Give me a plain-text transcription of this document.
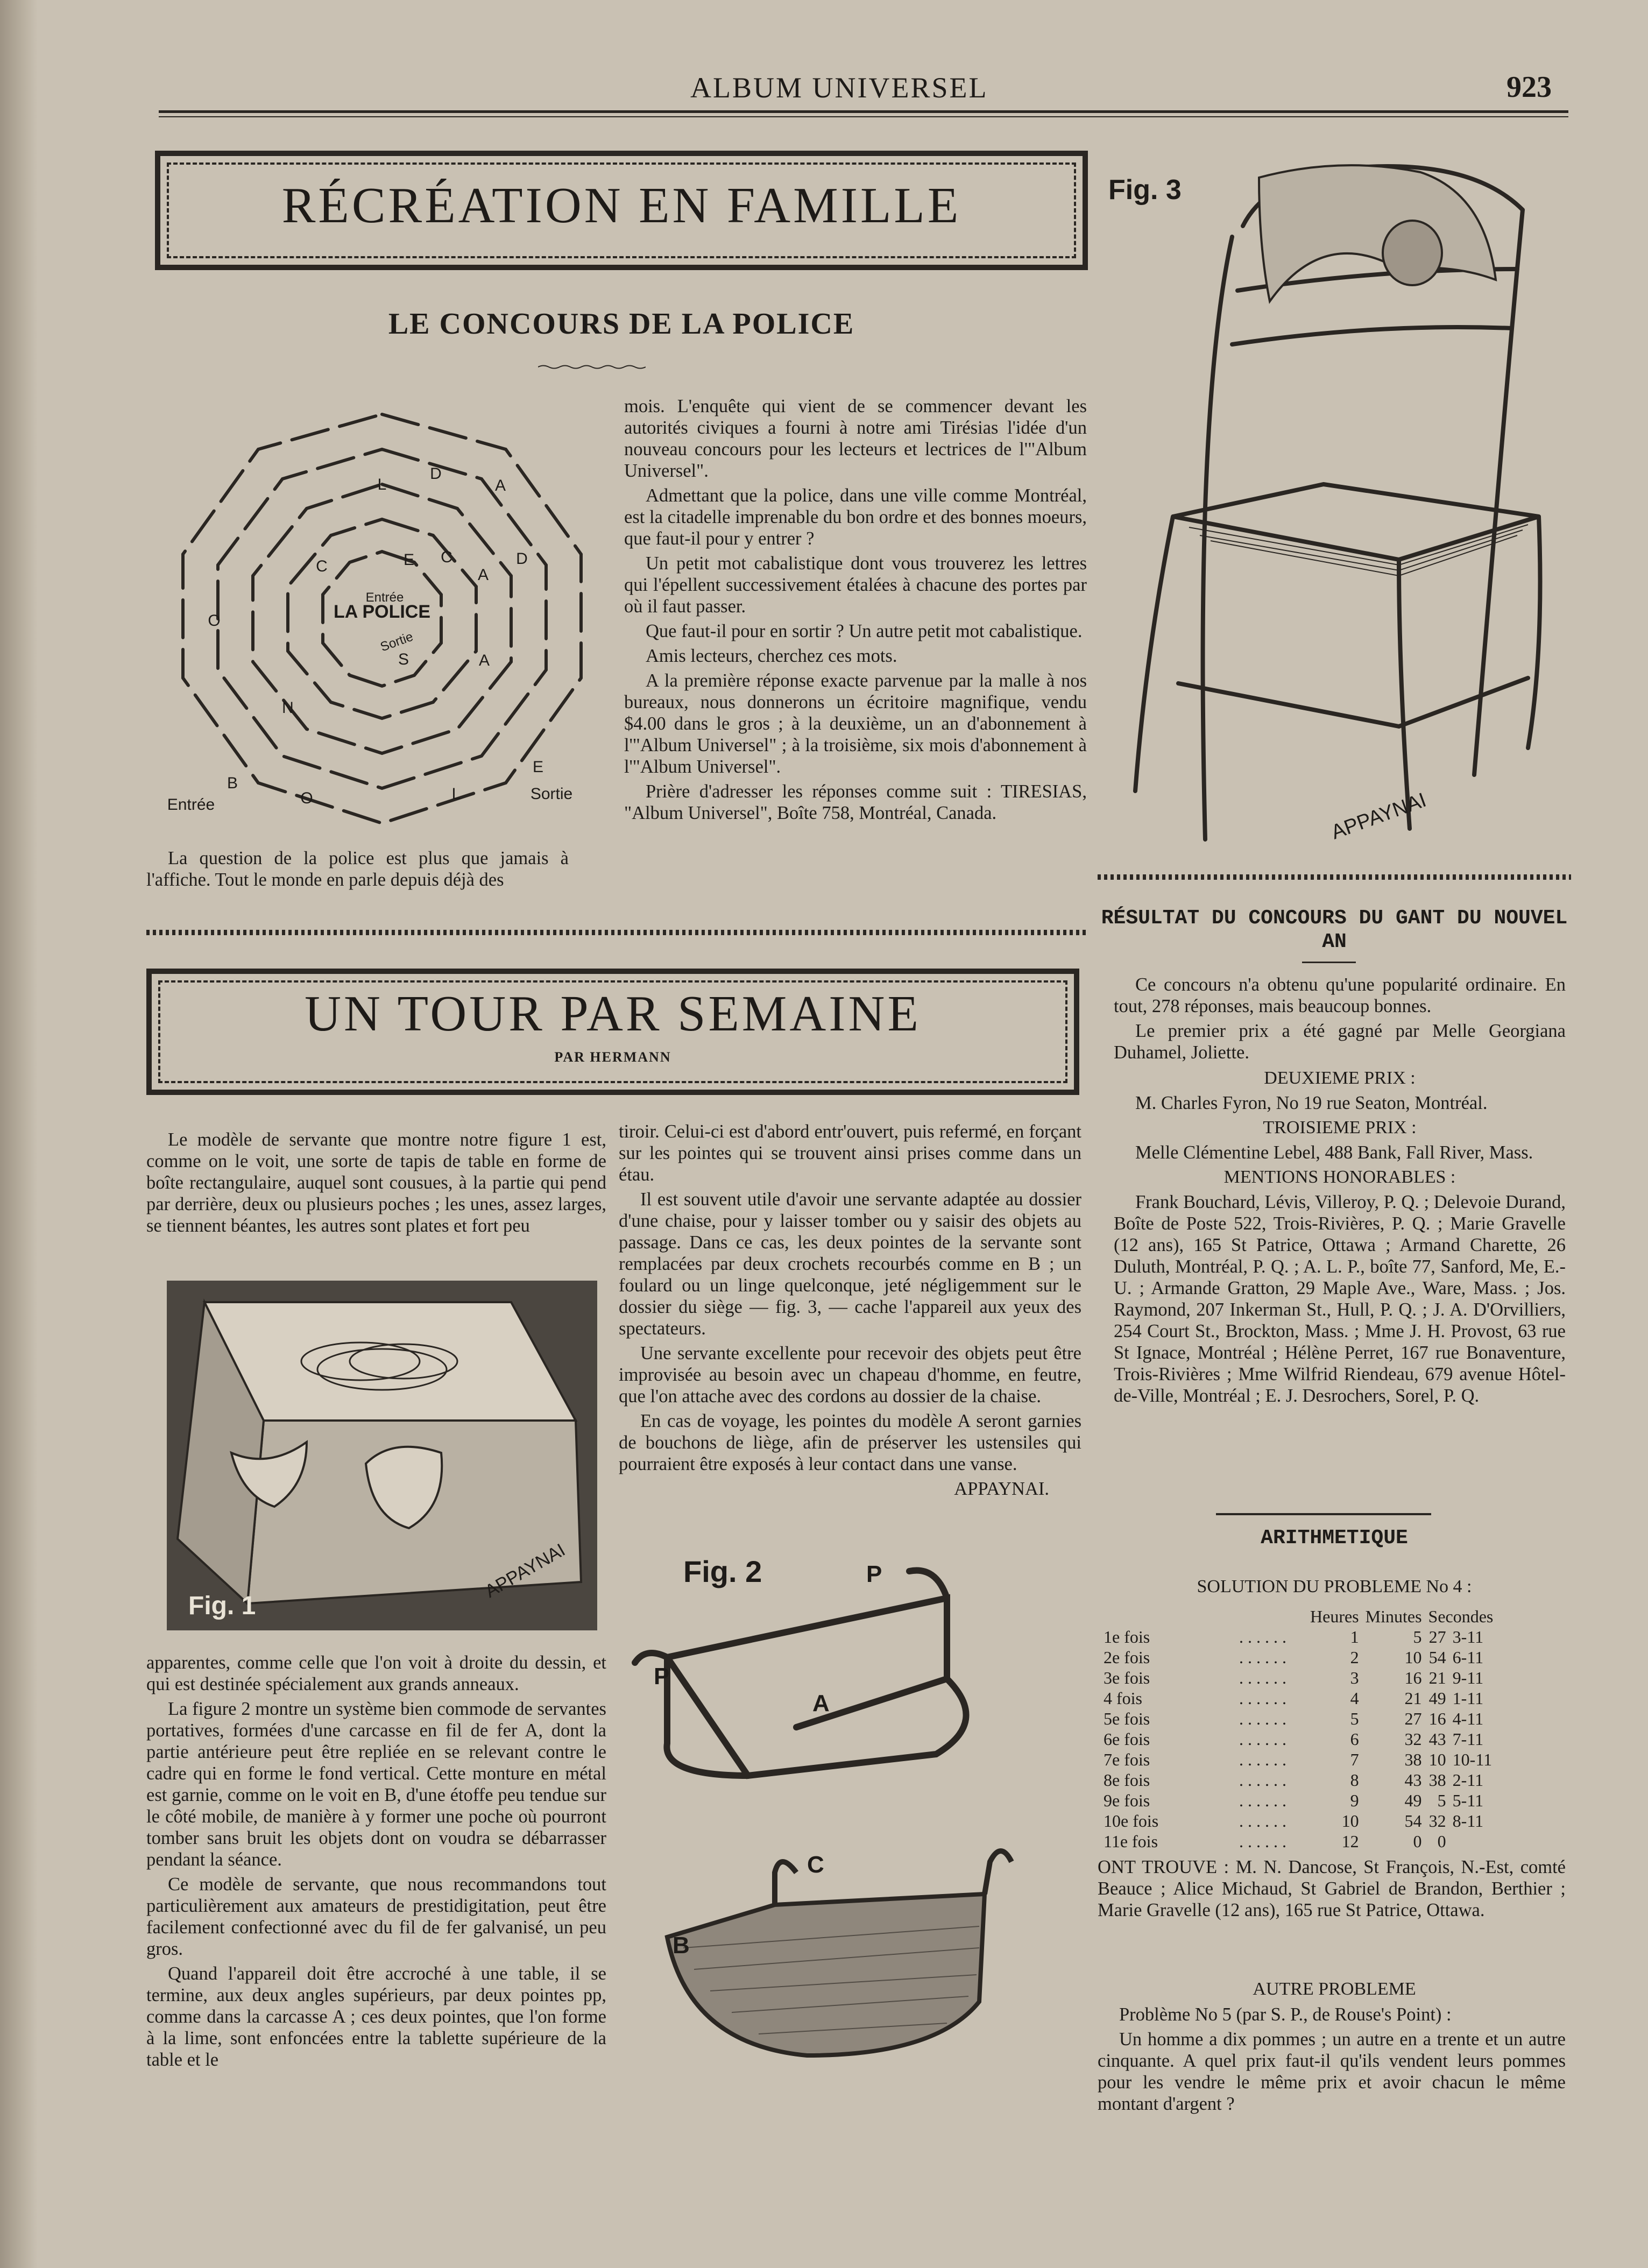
ALBUM UNIVERSEL	923
RÉCRÉATION EN FAMILLE
LE CONCOURS DE LA POLICE
LA POLICE
Entrée
Sortie
Entrée
Sortie
L
D
A
C	E C
A
D
O
A
N
B
O	L
E
S

La question de la police est plus que jamais à l'affiche. Tout le monde en parle depuis déjà des

mois. L'enquête qui vient de se commencer devant les autorités civiques a fourni à notre ami Tirésias l'idée d'un nouveau concours pour les lecteurs et lectrices de l'"Album Universel".

Admettant que la police, dans une ville comme Montréal, est la citadelle imprenable du bon ordre et des bonnes moeurs, que faut-il pour y entrer ?

Un petit mot cabalistique dont vous trouverez les lettres qui l'épellent successivement étalées à chacune des portes par où il faut passer.

Que faut-il pour en sortir ? Un autre petit mot cabalistique.

Amis lecteurs, cherchez ces mots.

A la première réponse exacte parvenue par la malle à nos bureaux, nous donnerons un écritoire magnifique, vendu $4.00 dans le gros ; à la deuxième, un an d'abonnement à l'"Album Universel" ; à la troisième, six mois d'abonnement à l'"Album Universel".

Prière d'adresser les réponses comme suit : TIRESIAS, "Album Universel", Boîte 758, Montréal, Canada.

Fig. 3
APPAYNAI
RÉSULTAT DU CONCOURS DU GANT DU NOUVEL AN

Ce concours n'a obtenu qu'une popularité ordinaire. En tout, 278 réponses, mais beaucoup bonnes.

Le premier prix a été gagné par Melle Georgiana Duhamel, Joliette.

DEUXIEME PRIX :

M. Charles Fyron, No 19 rue Seaton, Montréal.

TROISIEME PRIX :

Melle Clémentine Lebel, 488 Bank, Fall River, Mass.

MENTIONS HONORABLES :

Frank Bouchard, Lévis, Villeroy, P. Q. ; Delevoie Durand, Boîte de Poste 522, Trois-Rivières, P. Q. ; Marie Gravelle (12 ans), 165 St Patrice, Ottawa ; Armand Charette, 26 Duluth, Montréal, P. Q. ; A. L. P., boîte 77, Sanford, Me, E.-U. ; Armande Gratton, 29 Maple Ave., Ware, Mass. ; Jos. Raymond, 207 Inkerman St., Hull, P. Q. ; J. A. D'Orvilliers, 254 Court St., Brockton, Mass. ; Mme J. H. Provost, 63 rue St Ignace, Montréal ; Hélène Perret, 167 rue Bonaventure, Trois-Rivières ; Mme Wilfrid Riendeau, 679 avenue Hôtel-de-Ville, Montréal ; E. J. Desrochers, Sorel, P. Q.

ARITHMETIQUE
SOLUTION DU PROBLEME No 4 :
		Heures	Minutes	Secondes	
1e fois	. . . . . .	1	5	27	3-11
2e fois	. . . . . .	2	10	54	6-11
3e fois	. . . . . .	3	16	21	9-11
4 fois	. . . . . .	4	21	49	1-11
5e fois	. . . . . .	5	27	16	4-11
6e fois	. . . . . .	6	32	43	7-11
7e fois	. . . . . .	7	38	10	10-11
8e fois	. . . . . .	8	43	38	2-11
9e fois	. . . . . .	9	49	5	5-11
10e fois	. . . . . .	10	54	32	8-11
11e fois	. . . . . .	12	0	0	

ONT TROUVE : M. N. Dancose, St François, N.-Est, comté Beauce ; Alice Michaud, St Gabriel de Brandon, Berthier ; Marie Gravelle (12 ans), 165 rue St Patrice, Ottawa.

AUTRE PROBLEME

Problème No 5 (par S. P., de Rouse's Point) :

Un homme a dix pommes ; un autre en a trente et un autre cinquante. A quel prix faut-il qu'ils vendent leurs pommes pour les vendre le même prix et avoir chacun le même montant d'argent ?

UN TOUR PAR SEMAINE
PAR HERMANN

Le modèle de servante que montre notre figure 1 est, comme on le voit, une sorte de tapis de table en forme de boîte rectangulaire, auquel sont cousues, à la partie qui pend par derrière, deux ou plusieurs poches ; les unes, assez larges, se tiennent béantes, les autres sont plates et fort peu

Fig. 1
APPAYNAI

apparentes, comme celle que l'on voit à droite du dessin, et qui est destinée spécialement aux grands anneaux.

La figure 2 montre un système bien commode de servantes portatives, formées d'une carcasse en fil de fer A, dont la partie antérieure peut être repliée en se relevant contre le cadre qui en forme le fond vertical. Cette monture en métal est garnie, comme on le voit en B, d'une étoffe peu tendue sur le côté mobile, de manière à y former une poche où pourront tomber sans bruit les objets dont on voudra se débarrasser pendant la séance.

Ce modèle de servante, que nous recommandons tout particulièrement aux amateurs de prestidigitation, peut être facilement confectionné avec du fil de fer galvanisé, un peu gros.

Quand l'appareil doit être accroché à une table, il se termine, aux deux angles supérieurs, par deux pointes pp, comme dans la carcasse A ; ces deux pointes, que l'on forme à la lime, sont enfoncées entre la tablette supérieure de la table et le

tiroir. Celui-ci est d'abord entr'ouvert, puis refermé, en forçant sur les pointes qui se trouvent ainsi prises comme dans un étau.

Il est souvent utile d'avoir une servante adaptée au dossier d'une chaise, pour y laisser tomber ou y saisir des objets au passage. Dans ce cas, les deux pointes de la servante sont remplacées par deux crochets recourbés comme en B ; un foulard ou un linge quelconque, jeté négligemment sur le dossier du siège — fig. 3, — cache l'appareil aux yeux des spectateurs.

Une servante excellente pour recevoir des objets peut être improvisée au besoin avec un chapeau d'homme, en feutre, que l'on attache avec des cordons au dossier de la chaise.

En cas de voyage, les pointes du modèle A seront garnies de bouchons de liège, afin de préserver les ustensiles qui pourraient être exposés à leur contact dans une vanse.

APPAYNAI.

Fig. 2	P
P
A
C
B
